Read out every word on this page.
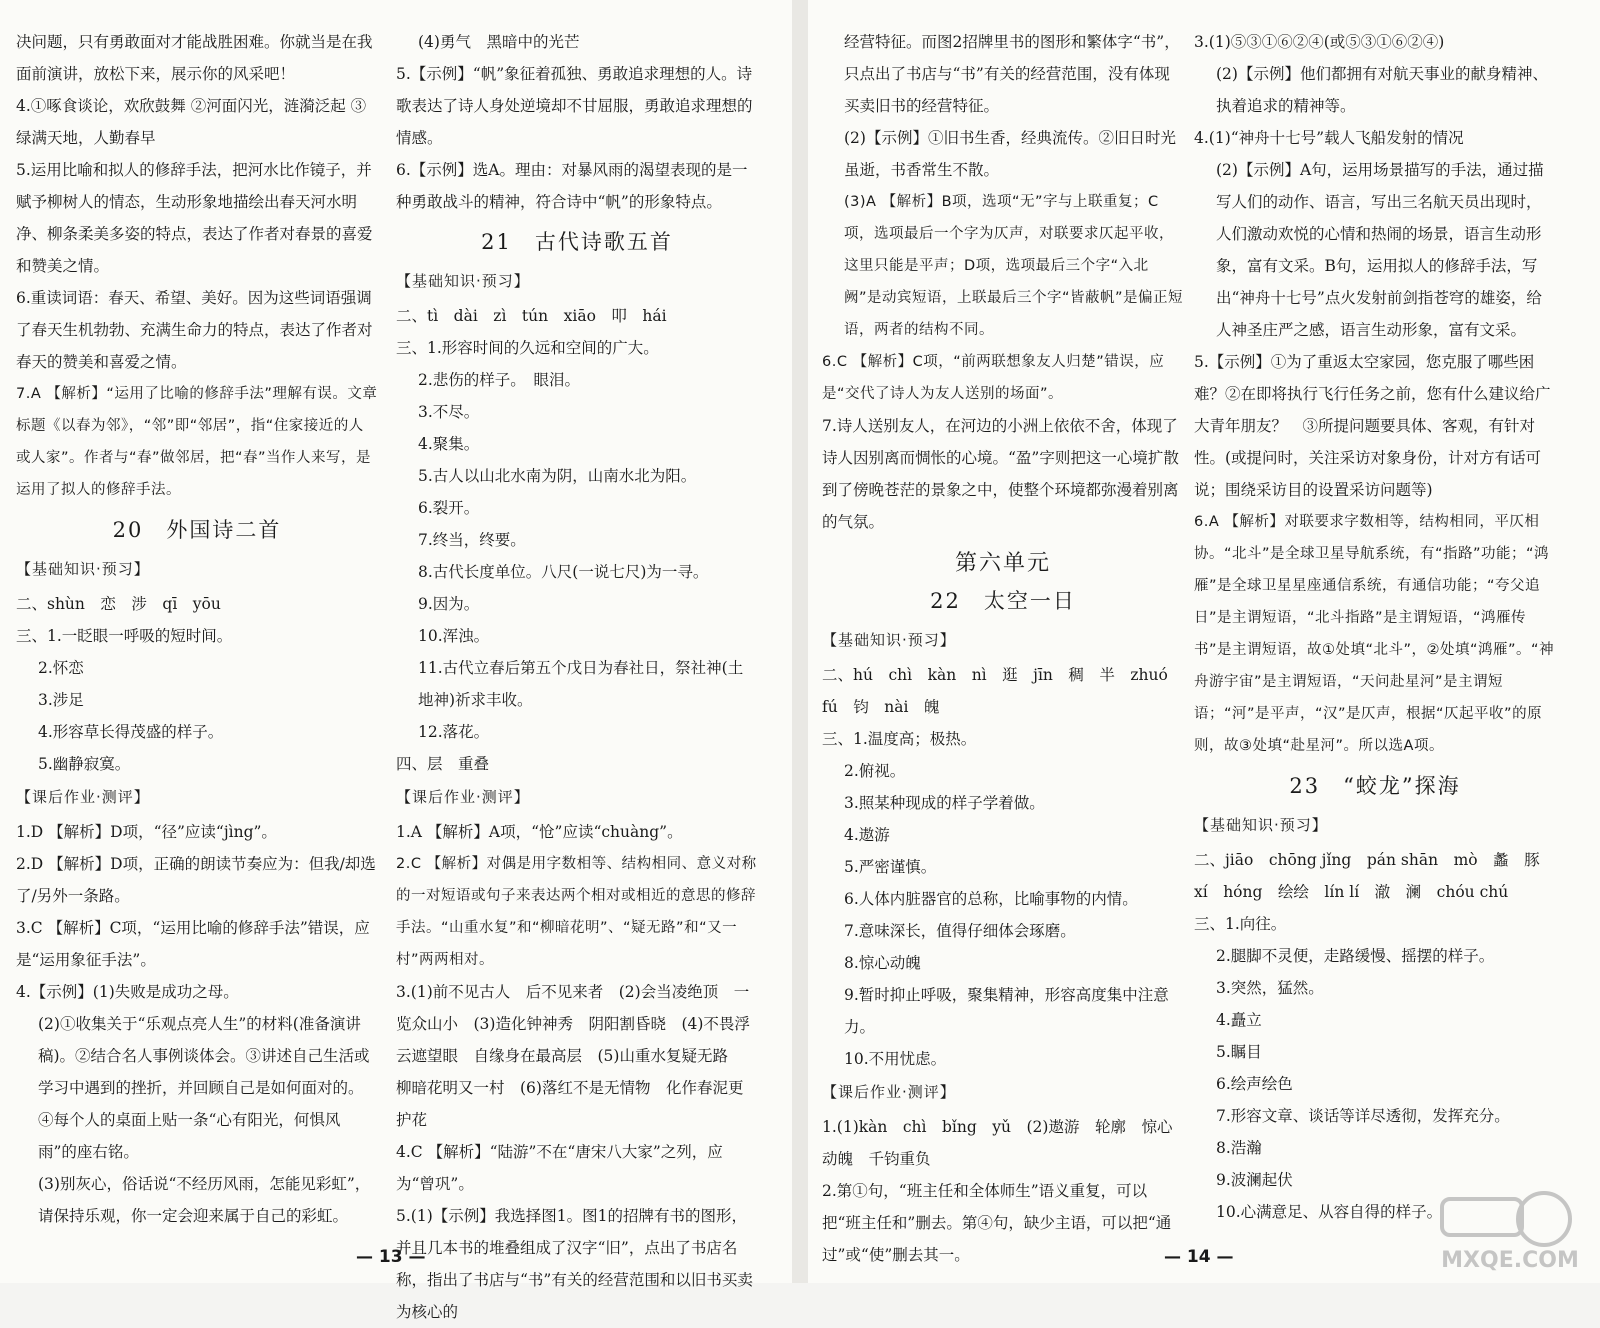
决问题，只有勇敢面对才能战胜困难。你就当是在我面前演讲，放松下来，展示你的风采吧！

4.①啄食谈论，欢欣鼓舞 ②河面闪光，涟漪泛起 ③绿满天地，人勤春早

5.运用比喻和拟人的修辞手法，把河水比作镜子，并赋予柳树人的情态，生动形象地描绘出春天河水明净、柳条柔美多姿的特点，表达了作者对春景的喜爱和赞美之情。

6.重读词语：春天、希望、美好。因为这些词语强调了春天生机勃勃、充满生命力的特点，表达了作者对春天的赞美和喜爱之情。

7.A 【解析】“运用了比喻的修辞手法”理解有误。文章标题《以春为邻》，“邻”即“邻居”，指“住家接近的人或人家”。作者与“春”做邻居，把“春”当作人来写，是运用了拟人的修辞手法。

20　外国诗二首
【基础知识·预习】

二、shùn　恋　涉　qī　yōu

三、1.一眨眼一呼吸的短时间。

2.怀恋

3.涉足

4.形容草长得茂盛的样子。

5.幽静寂寞。

【课后作业·测评】

1.D 【解析】D项，“径”应读“jìng”。

2.D 【解析】D项，正确的朗读节奏应为：但我/却选了/另外一条路。

3.C 【解析】C项，“运用比喻的修辞手法”错误，应是“运用象征手法”。

4.【示例】(1)失败是成功之母。

(2)①收集关于“乐观点亮人生”的材料(准备演讲稿)。②结合名人事例谈体会。③讲述自己生活或学习中遇到的挫折，并回顾自己是如何面对的。④每个人的桌面上贴一条“心有阳光，何惧风雨”的座右铭。

(3)别灰心，俗话说“不经历风雨，怎能见彩虹”，请保持乐观，你一定会迎来属于自己的彩虹。

(4)勇气　黑暗中的光芒

5.【示例】“帆”象征着孤独、勇敢追求理想的人。诗歌表达了诗人身处逆境却不甘屈服，勇敢追求理想的情感。

6.【示例】选A。理由：对暴风雨的渴望表现的是一种勇敢战斗的精神，符合诗中“帆”的形象特点。

21　古代诗歌五首
【基础知识·预习】

二、tì　dài　zì　tún　xiāo　叩　hái

三、1.形容时间的久远和空间的广大。

2.悲伤的样子。　眼泪。

3.不尽。

4.聚集。

5.古人以山北水南为阴，山南水北为阳。

6.裂开。

7.终当，终要。

8.古代长度单位。八尺(一说七尺)为一寻。

9.因为。

10.浑浊。

11.古代立春后第五个戊日为春社日，祭社神(土地神)祈求丰收。

12.落花。

四、层　重叠

【课后作业·测评】

1.A 【解析】A项，“怆”应读“chuàng”。

2.C 【解析】对偶是用字数相等、结构相同、意义对称的一对短语或句子来表达两个相对或相近的意思的修辞手法。“山重水复”和“柳暗花明”、“疑无路”和“又一村”两两相对。

3.(1)前不见古人　后不见来者　(2)会当凌绝顶　一览众山小　(3)造化钟神秀　阴阳割昏晓　(4)不畏浮云遮望眼　自缘身在最高层　(5)山重水复疑无路　柳暗花明又一村　(6)落红不是无情物　化作春泥更护花

4.C 【解析】“陆游”不在“唐宋八大家”之列，应为“曾巩”。

5.(1)【示例】我选择图1。图1的招牌有书的图形，并且几本书的堆叠组成了汉字“旧”，点出了书店名称，指出了书店与“书”有关的经营范围和以旧书买卖为核心的

— 13 —

经营特征。而图2招牌里书的图形和繁体字“书”，只点出了书店与“书”有关的经营范围，没有体现买卖旧书的经营特征。

(2)【示例】①旧书生香，经典流传。②旧日时光虽逝，书香常生不散。

(3)A 【解析】B项，选项“无”字与上联重复；C项，选项最后一个字为仄声，对联要求仄起平收，这里只能是平声；D项，选项最后三个字“入北阙”是动宾短语，上联最后三个字“皆蔽帆”是偏正短语，两者的结构不同。

6.C 【解析】C项，“前两联想象友人归楚”错误，应是“交代了诗人为友人送别的场面”。

7.诗人送别友人，在河边的小洲上依依不舍，体现了诗人因别离而惆怅的心境。“盈”字则把这一心境扩散到了傍晚苍茫的景象之中，使整个环境都弥漫着别离的气氛。

第六单元
22　太空一日
【基础知识·预习】

二、hú　chì　kàn　nì　逛　jīn　稠　半　zhuó　fú　钧　nài　魄

三、1.温度高；极热。

2.俯视。

3.照某种现成的样子学着做。

4.遨游

5.严密谨慎。

6.人体内脏器官的总称，比喻事物的内情。

7.意味深长，值得仔细体会琢磨。

8.惊心动魄

9.暂时抑止呼吸，聚集精神，形容高度集中注意力。

10.不用忧虑。

【课后作业·测评】

1.(1)kàn　chì　bǐng　yǔ　(2)遨游　轮廓　惊心动魄　千钧重负

2.第①句，“班主任和全体师生”语义重复，可以把“班主任和”删去。第④句，缺少主语，可以把“通过”或“使”删去其一。

3.(1)⑤③①⑥②④(或⑤③①⑥②④)

(2)【示例】他们都拥有对航天事业的献身精神、执着追求的精神等。

4.(1)“神舟十七号”载人飞船发射的情况

(2)【示例】A句，运用场景描写的手法，通过描写人们的动作、语言，写出三名航天员出现时，人们激动欢悦的心情和热闹的场景，语言生动形象，富有文采。B句，运用拟人的修辞手法，写出“神舟十七号”点火发射前剑指苍穹的雄姿，给人神圣庄严之感，语言生动形象，富有文采。

5.【示例】①为了重返太空家园，您克服了哪些困难？②在即将执行飞行任务之前，您有什么建议给广大青年朋友？　③所提问题要具体、客观，有针对性。(或提问时，关注采访对象身份，计对方有话可说；围绕采访目的设置采访问题等)

6.A 【解析】对联要求字数相等，结构相同，平仄相协。“北斗”是全球卫星导航系统，有“指路”功能；“鸿雁”是全球卫星星座通信系统，有通信功能；“夸父追日”是主谓短语，“北斗指路”是主谓短语，“鸿雁传书”是主谓短语，故①处填“北斗”，②处填“鸿雁”。“神舟游宇宙”是主谓短语，“天问赴星河”是主谓短语；“河”是平声，“汉”是仄声，根据“仄起平收”的原则，故③处填“赴星河”。所以选A项。

23　“蛟龙”探海
【基础知识·预习】

二、jiāo　chōng jǐng　pán shān　mò　蠡　豚　xí　hóng　绘绘　lín lí　澈　澜　chóu chú

三、1.向往。

2.腿脚不灵便，走路缓慢、摇摆的样子。

3.突然，猛然。

4.矗立

5.瞩目

6.绘声绘色

7.形容文章、谈话等详尽透彻，发挥充分。

8.浩瀚

9.波澜起伏

10.心满意足、从容自得的样子。

— 14 —	MXQE.COM
